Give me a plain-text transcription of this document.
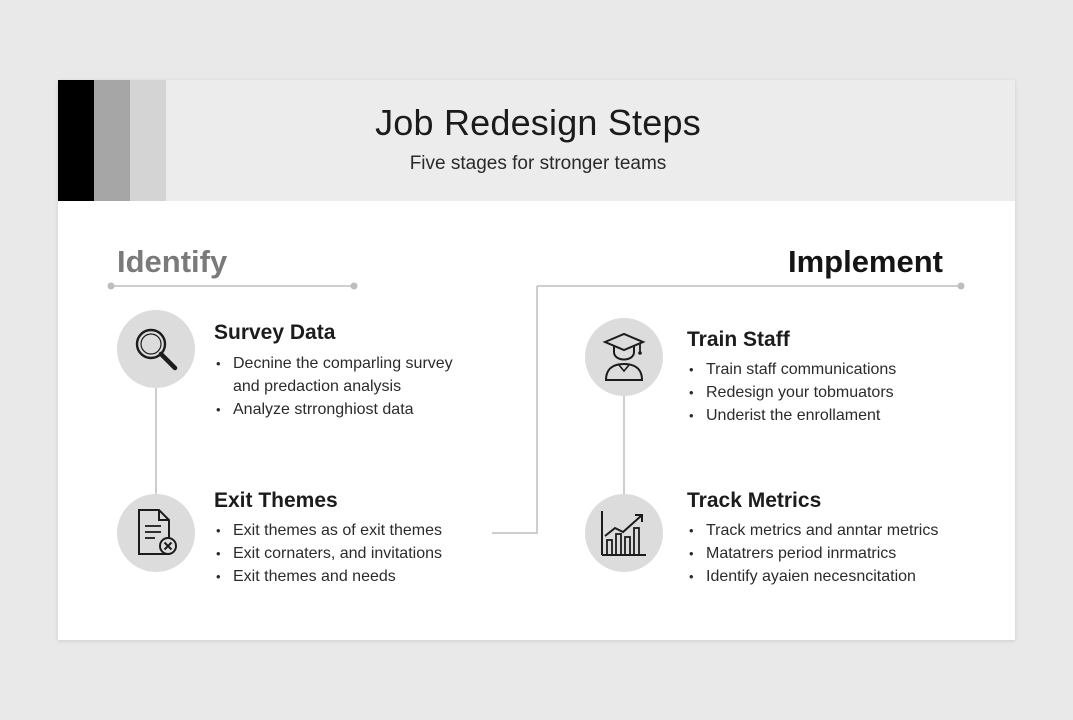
Job Redesign Steps
Five stages for stronger teams
Identify	Implement
Survey Data
• Decnine the comparling survey
and predaction analysis
• Analyze strronghiost data
Exit Themes
• Exit themes as of exit themes
• Exit cornaters, and invitations
• Exit themes and needs
Train Staff
• Train staff communications
• Redesign your tobmuators
• Underist the enrollament
Track Metrics
• Track metrics and anntar metrics
• Matatrers period inrmatrics
• Identify ayaien necesncitation
